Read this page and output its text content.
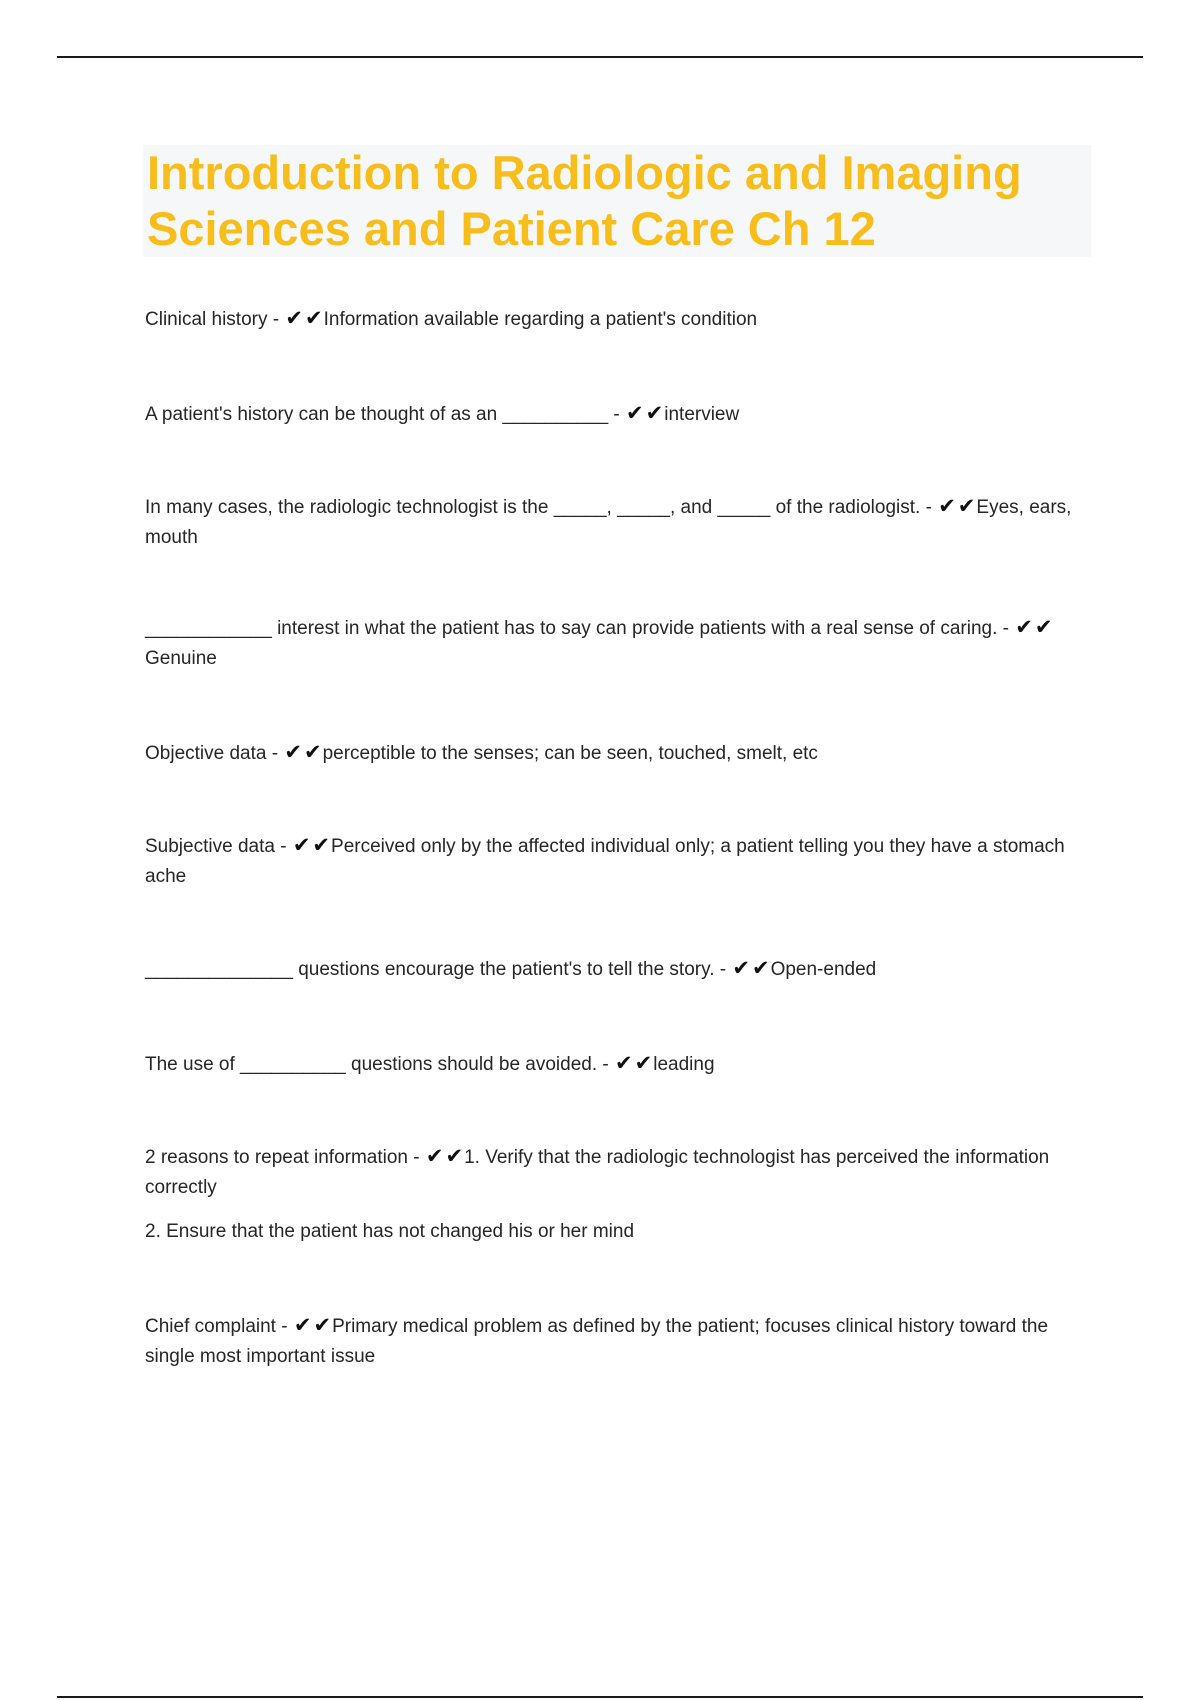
Introduction to Radiologic and Imaging Sciences and Patient Care Ch 12
Clinical history - ✔✔Information available regarding a patient's condition
A patient's history can be thought of as an __________ - ✔✔interview
In many cases, the radiologic technologist is the _____, _____, and _____ of the radiologist. - ✔✔Eyes, ears, mouth
____________ interest in what the patient has to say can provide patients with a real sense of caring. - ✔✔Genuine
Objective data - ✔✔perceptible to the senses; can be seen, touched, smelt, etc
Subjective data - ✔✔Perceived only by the affected individual only; a patient telling you they have a stomach ache
______________ questions encourage the patient's to tell the story. - ✔✔Open-ended
The use of __________ questions should be avoided. - ✔✔leading
2 reasons to repeat information - ✔✔1. Verify that the radiologic technologist has perceived the information correctly
2. Ensure that the patient has not changed his or her mind
Chief complaint - ✔✔Primary medical problem as defined by the patient; focuses clinical history toward the single most important issue
